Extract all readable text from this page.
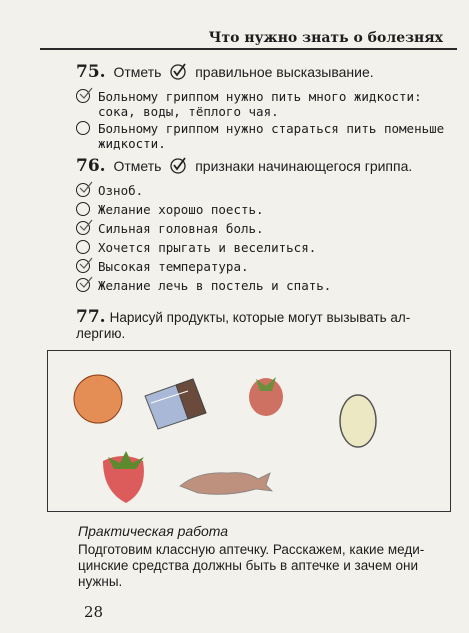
Что нужно знать о болезнях
75. Отметь правильное высказывание.
Больному гриппом нужно пить много жидкости:
сока, воды, тёплого чая.
Больному гриппом нужно стараться пить поменьше
жидкости.
76. Отметь признаки начинающегося гриппа.
Озноб.
Желание хорошо поесть.
Сильная головная боль.
Хочется прыгать и веселиться.
Высокая температура.
Желание лечь в постель и спать.
77. Нарисуй продукты, которые могут вызывать ал-
лергию.
Практическая работа
Подготовим классную аптечку. Расскажем, какие меди-
цинские средства должны быть в аптечке и зачем они
нужны.
28
